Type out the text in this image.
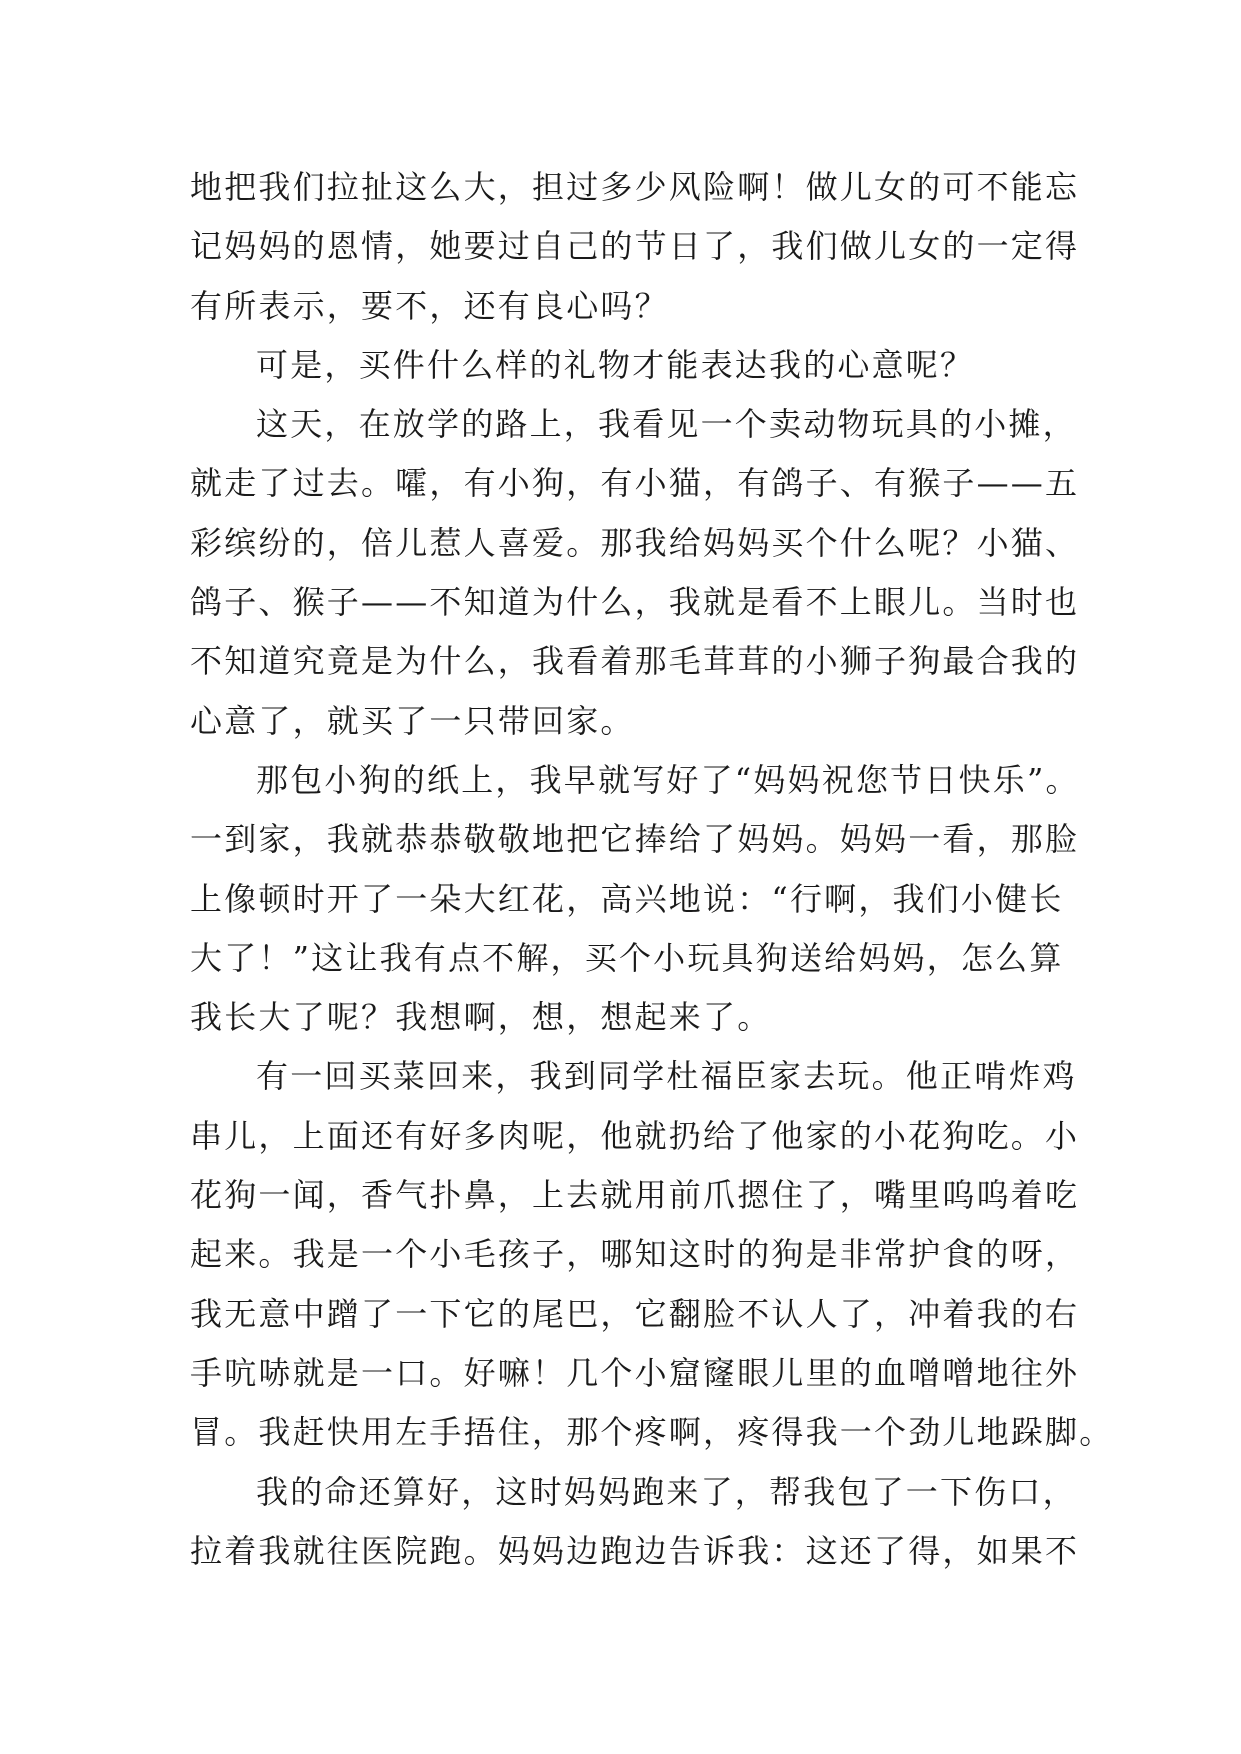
地把我们拉扯这么大，担过多少风险啊！做儿女的可不能忘
记妈妈的恩情，她要过自己的节日了，我们做儿女的一定得
有所表示，要不，还有良心吗？
可是，买件什么样的礼物才能表达我的心意呢？
这天，在放学的路上，我看见一个卖动物玩具的小摊，
就走了过去。嚯，有小狗，有小猫，有鸽子、有猴子——五
彩缤纷的，倍儿惹人喜爱。那我给妈妈买个什么呢？小猫、
鸽子、猴子——不知道为什么，我就是看不上眼儿。当时也
不知道究竟是为什么，我看着那毛茸茸的小狮子狗最合我的
心意了，就买了一只带回家。
那包小狗的纸上，我早就写好了“妈妈祝您节日快乐”。
一到家，我就恭恭敬敬地把它捧给了妈妈。妈妈一看，那脸
上像顿时开了一朵大红花，高兴地说：“行啊，我们小健长
大了！”这让我有点不解，买个小玩具狗送给妈妈，怎么算
我长大了呢？我想啊，想，想起来了。
有一回买菜回来，我到同学杜福臣家去玩。他正啃炸鸡
串儿，上面还有好多肉呢，他就扔给了他家的小花狗吃。小
花狗一闻，香气扑鼻，上去就用前爪摁住了，嘴里呜呜着吃
起来。我是一个小毛孩子，哪知这时的狗是非常护食的呀，
我无意中蹭了一下它的尾巴，它翻脸不认人了，冲着我的右
手吭哧就是一口。好嘛！几个小窟窿眼儿里的血噌噌地往外
冒。我赶快用左手捂住，那个疼啊，疼得我一个劲儿地跺脚。
我的命还算好，这时妈妈跑来了，帮我包了一下伤口，
拉着我就往医院跑。妈妈边跑边告诉我：这还了得，如果不
